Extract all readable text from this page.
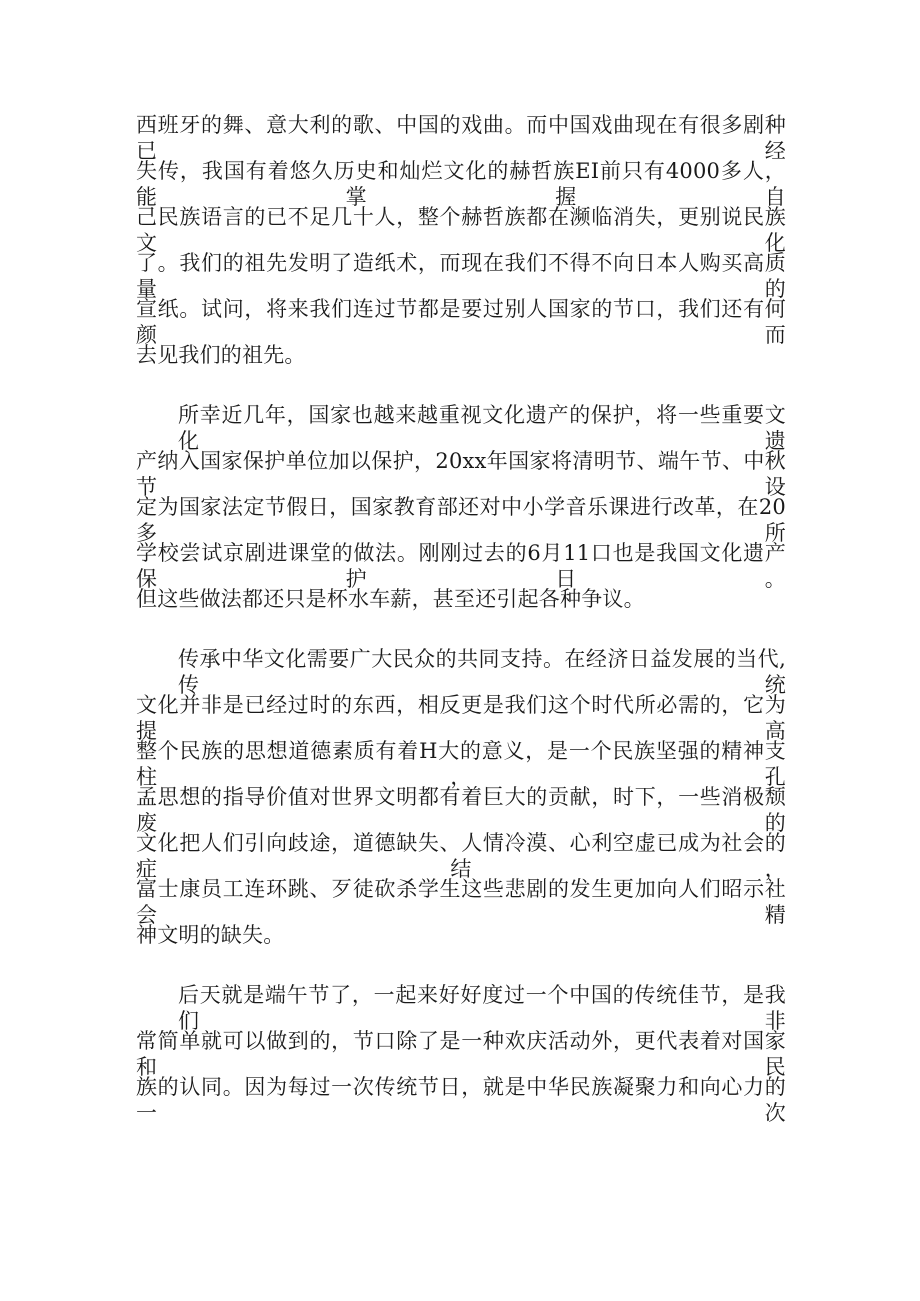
西班牙的舞、意大利的歌、中国的戏曲。而中国戏曲现在有很多剧种已经
失传，我国有着悠久历史和灿烂文化的赫哲族EI前只有4000多人，能掌握自
己民族语言的已不足几十人，整个赫哲族都在濒临消失，更别说民族文化
了。我们的祖先发明了造纸术，而现在我们不得不向日本人购买高质量的
宣纸。试问，将来我们连过节都是要过别人国家的节口，我们还有何颜而
去见我们的祖先。
所幸近几年，国家也越来越重视文化遗产的保护，将一些重要文化遗
产纳入国家保护单位加以保护，20xx年国家将清明节、端午节、中秋节设
定为国家法定节假日，国家教育部还对中小学音乐课进行改革，在20多所
学校尝试京剧进课堂的做法。刚刚过去的6月11口也是我国文化遗产保护日。
但这些做法都还只是杯水车薪，甚至还引起各种争议。
传承中华文化需要广大民众的共同支持。在经济日益发展的当代,传统
文化并非是已经过时的东西，相反更是我们这个时代所必需的，它为提高
整个民族的思想道德素质有着H大的意义，是一个民族坚强的精神支柱，孔
孟思想的指导价值对世界文明都有着巨大的贡献，时下，一些消极颓废的
文化把人们引向歧途，道德缺失、人情冷漠、心利空虚已成为社会的症结，
富士康员工连环跳、歹徒砍杀学生这些悲剧的发生更加向人们昭示社会精
神文明的缺失。
后天就是端午节了，一起来好好度过一个中国的传统佳节，是我们非
常简单就可以做到的，节口除了是一种欢庆活动外，更代表着对国家和民
族的认同。因为每过一次传统节日，就是中华民族凝聚力和向心力的一次
